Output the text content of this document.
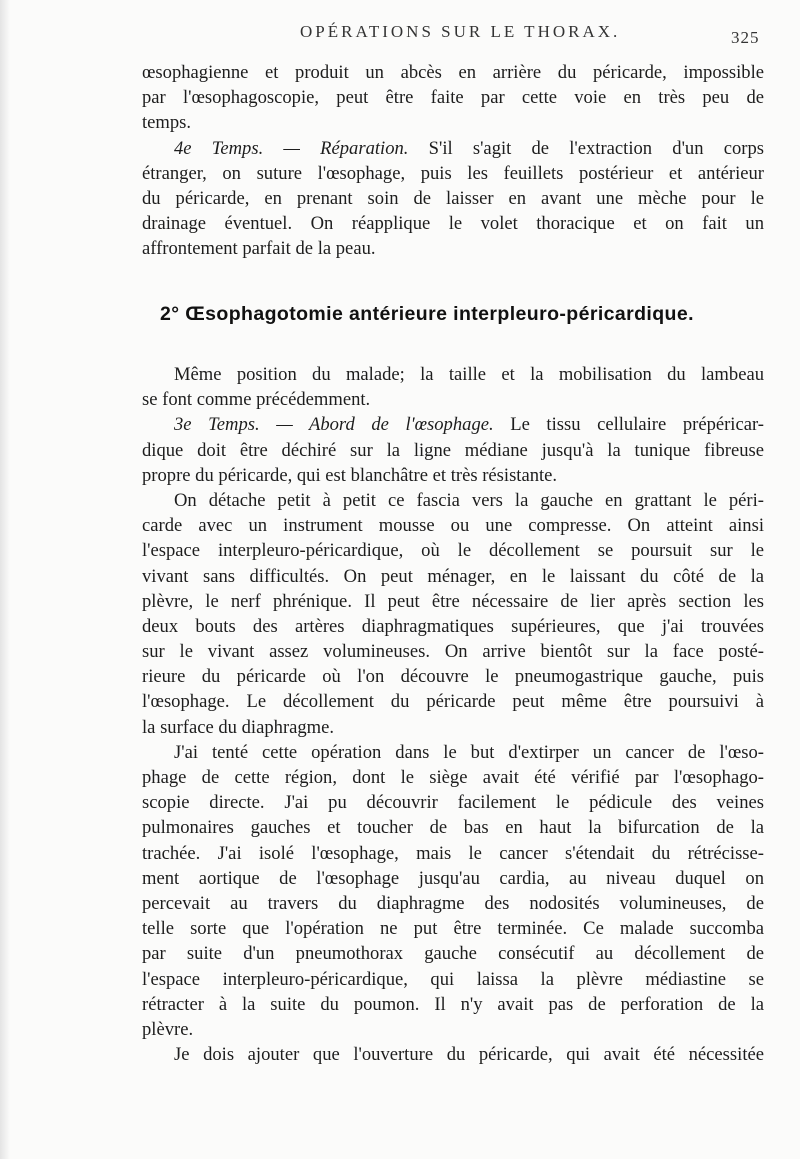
OPÉRATIONS SUR LE THORAX.	325
œsophagienne et produit un abcès en arrière du péricarde, impossible
par l'œsophagoscopie, peut être faite par cette voie en très peu de
temps.
4e Temps. — Réparation. S'il s'agit de l'extraction d'un corps
étranger, on suture l'œsophage, puis les feuillets postérieur et antérieur
du péricarde, en prenant soin de laisser en avant une mèche pour le
drainage éventuel. On réapplique le volet thoracique et on fait un
affrontement parfait de la peau.
2° Œsophagotomie antérieure interpleuro-péricardique.
Même position du malade; la taille et la mobilisation du lambeau
se font comme précédemment.
3e Temps. — Abord de l'œsophage. Le tissu cellulaire prépéricar-
dique doit être déchiré sur la ligne médiane jusqu'à la tunique fibreuse
propre du péricarde, qui est blanchâtre et très résistante.
On détache petit à petit ce fascia vers la gauche en grattant le péri-
carde avec un instrument mousse ou une compresse. On atteint ainsi
l'espace interpleuro-péricardique, où le décollement se poursuit sur le
vivant sans difficultés. On peut ménager, en le laissant du côté de la
plèvre, le nerf phrénique. Il peut être nécessaire de lier après section les
deux bouts des artères diaphragmatiques supérieures, que j'ai trouvées
sur le vivant assez volumineuses. On arrive bientôt sur la face posté-
rieure du péricarde où l'on découvre le pneumogastrique gauche, puis
l'œsophage. Le décollement du péricarde peut même être poursuivi à
la surface du diaphragme.
J'ai tenté cette opération dans le but d'extirper un cancer de l'œso-
phage de cette région, dont le siège avait été vérifié par l'œsophago-
scopie directe. J'ai pu découvrir facilement le pédicule des veines
pulmonaires gauches et toucher de bas en haut la bifurcation de la
trachée. J'ai isolé l'œsophage, mais le cancer s'étendait du rétrécisse-
ment aortique de l'œsophage jusqu'au cardia, au niveau duquel on
percevait au travers du diaphragme des nodosités volumineuses, de
telle sorte que l'opération ne put être terminée. Ce malade succomba
par suite d'un pneumothorax gauche consécutif au décollement de
l'espace interpleuro-péricardique, qui laissa la plèvre médiastine se
rétracter à la suite du poumon. Il n'y avait pas de perforation de la
plèvre.
Je dois ajouter que l'ouverture du péricarde, qui avait été nécessitée
